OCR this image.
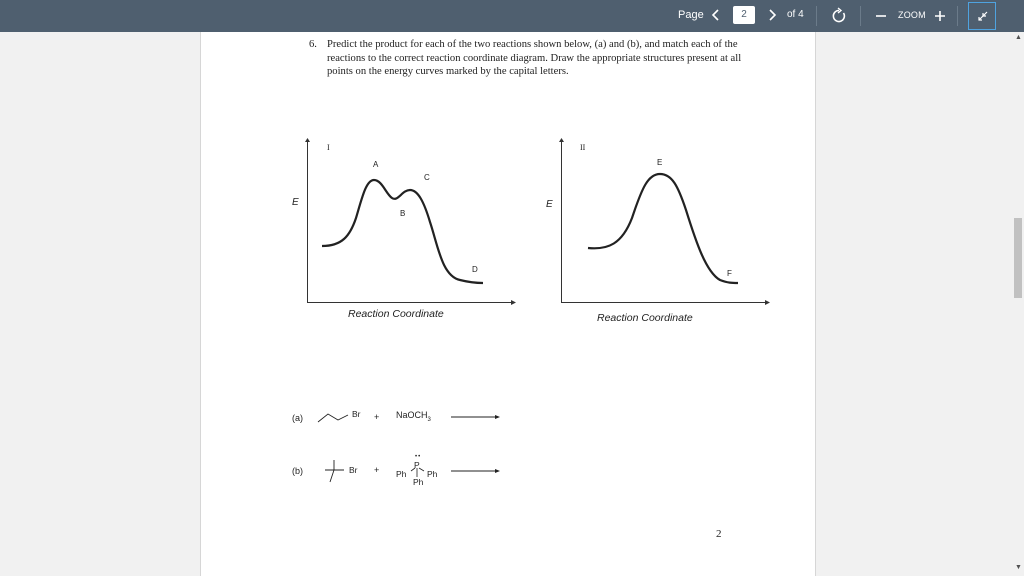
Page	2	of 4	ZOOM
6. Predict the product for each of the two reactions shown below, (a) and (b), and match each of the reactions to the correct reaction coordinate diagram. Draw the appropriate structures present at all points on the energy curves marked by the capital letters.
I
E
Reaction Coordinate
A
B
C
D
II
E
Reaction Coordinate
E
F
(a)	Br + NaOCH$_3$
(b)	Br +
••
P
Ph Ph
Ph
2
▲
▼
